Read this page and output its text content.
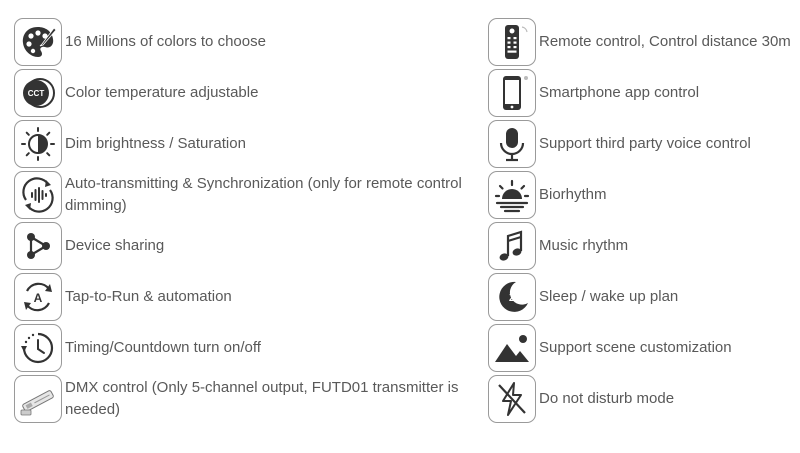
16 Millions of colors to choose
CCT Color temperature adjustable
Dim brightness / Saturation
Auto-transmitting & Synchronization (only for remote control dimming)
Device sharing
A Tap-to-Run & automation
Timing/Countdown turn on/off
DMX control (Only 5-channel output, FUTD01 transmitter is needed)
Remote control, Control distance 30m
Smartphone app control
Support third party voice control
Biorhythm
Music rhythm
Z Sleep / wake up plan
Support scene customization
Do not disturb mode
